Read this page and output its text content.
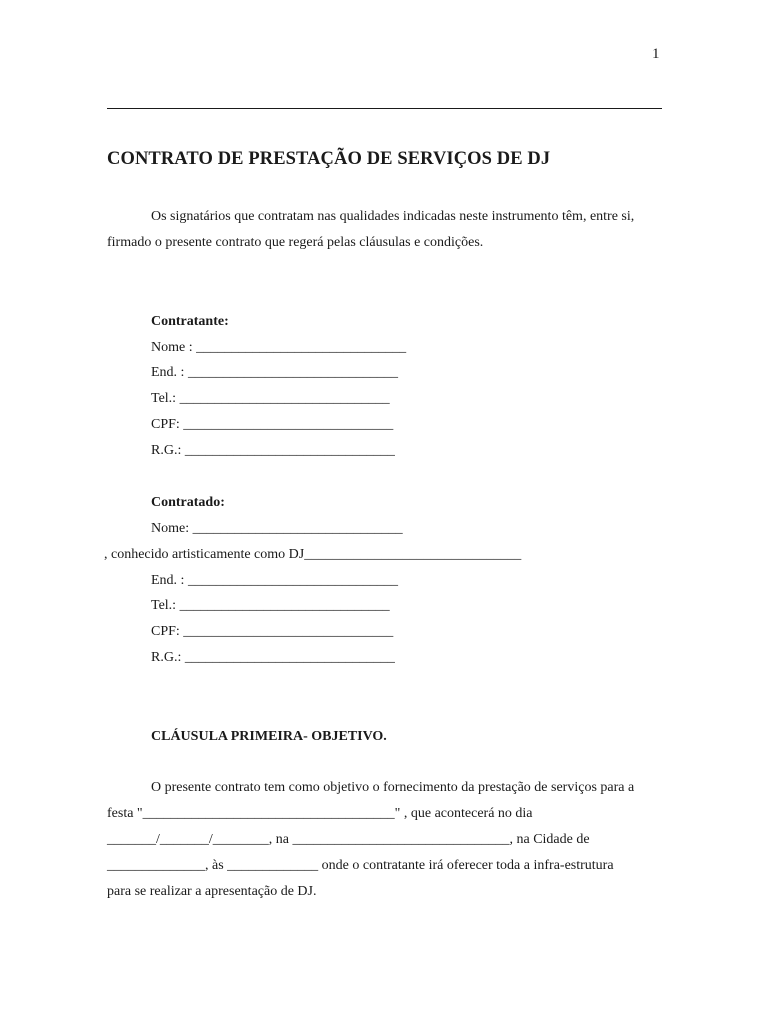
1
CONTRATO DE PRESTAÇÃO DE SERVIÇOS DE DJ
Os signatários que contratam nas qualidades indicadas neste instrumento têm, entre si,
firmado o presente contrato que regerá pelas cláusulas e condições.
Contratante:
Nome : ______________________________
End. : ______________________________
Tel.: ______________________________
CPF: ______________________________
R.G.: ______________________________
Contratado:
Nome: ______________________________
, conhecido artisticamente como DJ_______________________________
End. : ______________________________
Tel.: ______________________________
CPF: ______________________________
R.G.: ______________________________
CLÁUSULA PRIMEIRA- OBJETIVO.
O presente contrato tem como objetivo o fornecimento da prestação de serviços para a
festa "____________________________________" , que acontecerá no dia
_______/_______/________, na _______________________________, na Cidade de
______________, às _____________ onde o contratante irá oferecer toda a infra-estrutura
para se realizar a apresentação de DJ.
